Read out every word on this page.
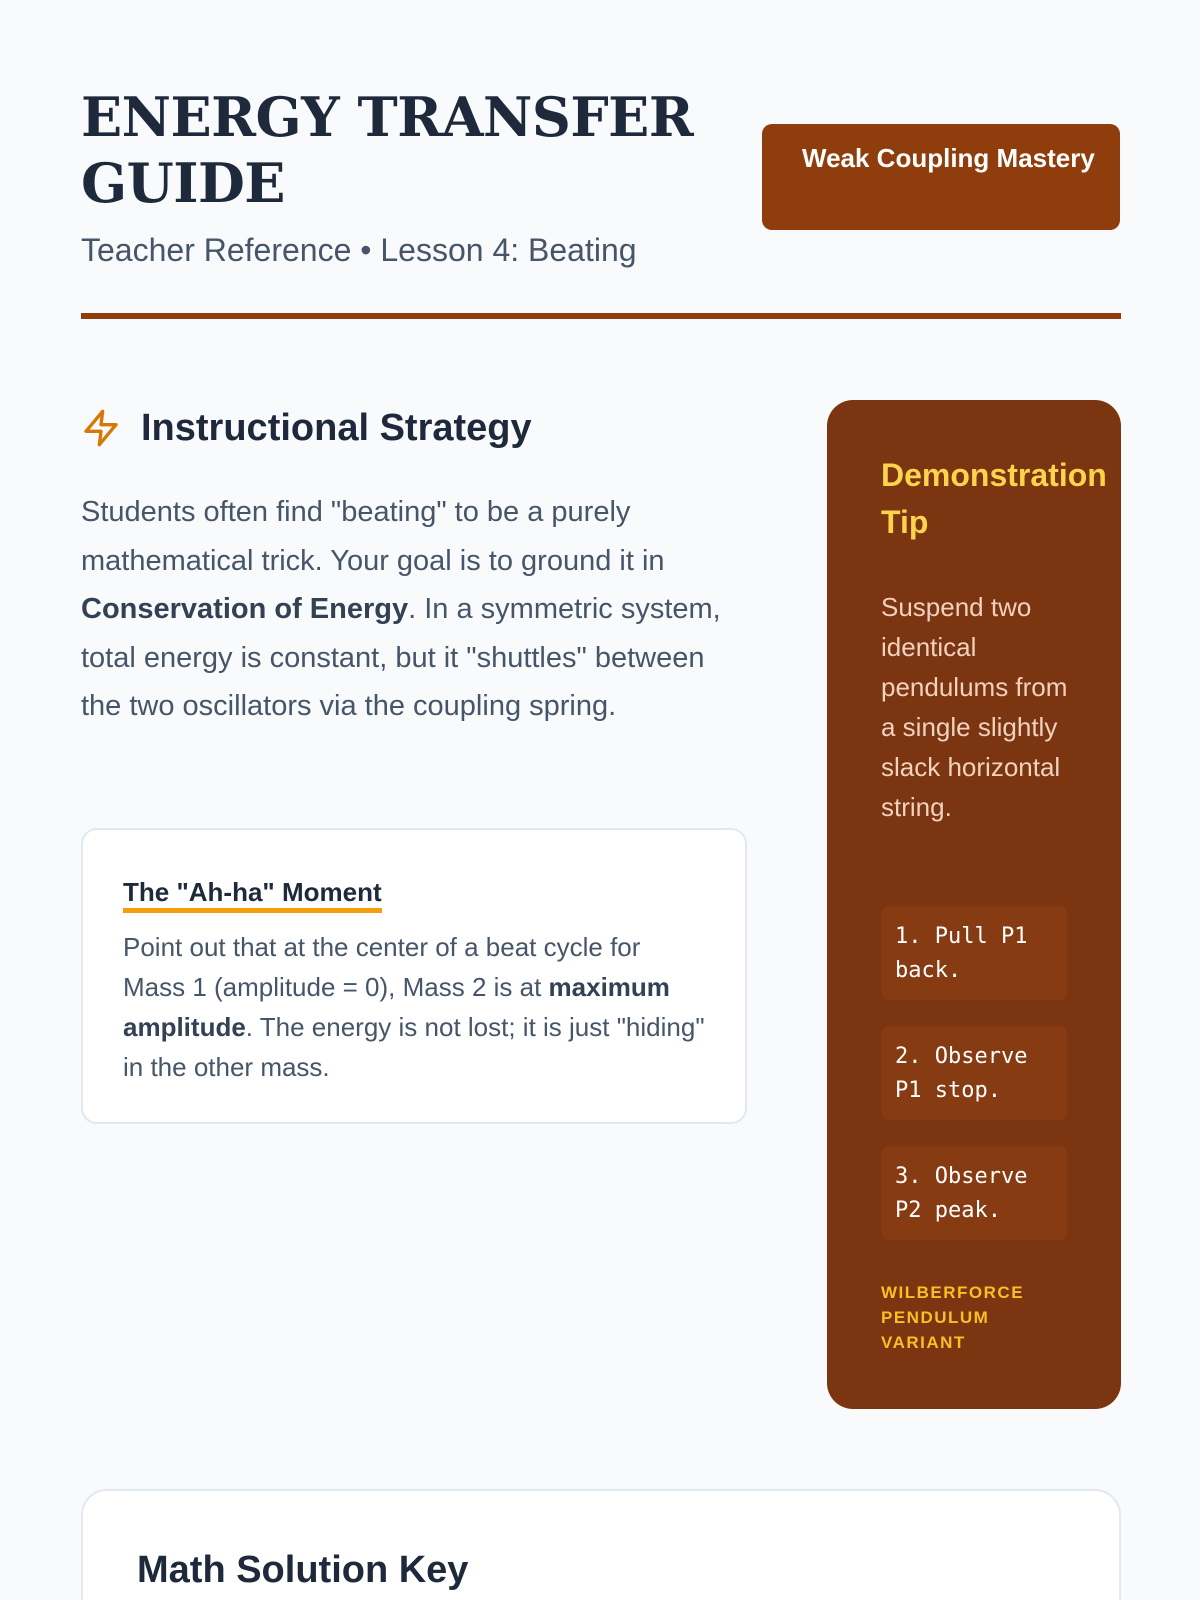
ENERGY TRANSFER GUIDE
Teacher Reference • Lesson 4: Beating
Weak Coupling Mastery
Instructional Strategy

Students often find "beating" to be a purely mathematical trick. Your goal is to ground it in Conservation of Energy. In a symmetric system, total energy is constant, but it "shuttles" between the two oscillators via the coupling spring.

The "Ah-ha" Moment

Point out that at the center of a beat cycle for Mass 1 (amplitude = 0), Mass 2 is at maximum amplitude. The energy is not lost; it is just "hiding" in the other mass.

Demonstration Tip

Suspend two identical pendulums from a single slightly slack horizontal string.

1. Pull P1 back.
2. Observe P1 stop.
3. Observe P2 peak.
WILBERFORCE PENDULUM VARIANT
Math Solution Key
